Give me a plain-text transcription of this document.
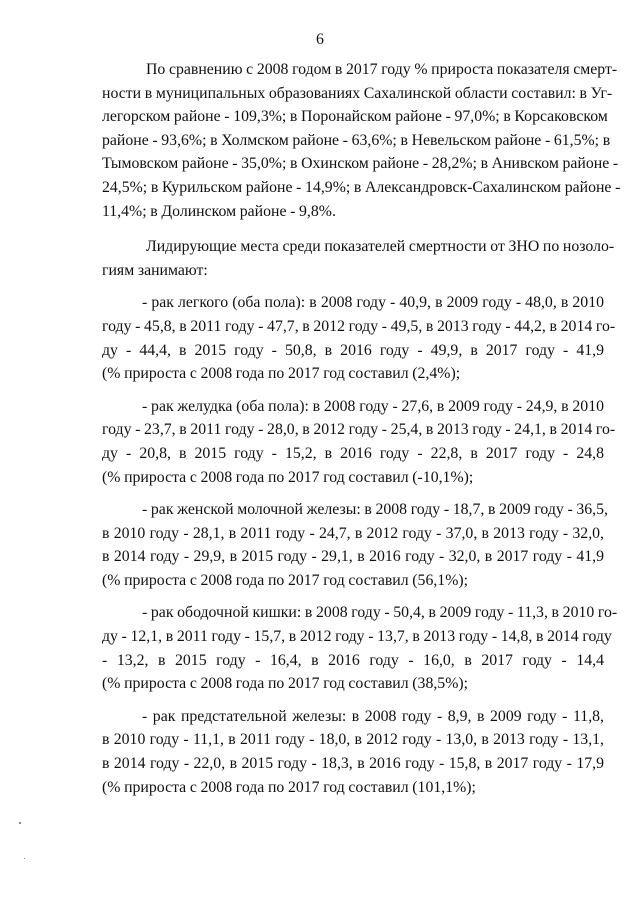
6
По сравнению с 2008 годом в 2017 году % прироста показателя смерт-
ности в муниципальных образованиях Сахалинской области составил: в Уг-
легорском районе - 109,3%; в Поронайском районе - 97,0%; в Корсаковском
районе - 93,6%; в Холмском районе - 63,6%; в Невельском районе - 61,5%; в
Тымовском районе - 35,0%; в Охинском районе - 28,2%; в Анивском районе -
24,5%; в Курильском районе - 14,9%; в Александровск-Сахалинском районе -
11,4%; в Долинском районе - 9,8%.
Лидирующие места среди показателей смертности от ЗНО по нозоло-
гиям занимают:
- рак легкого (оба пола): в 2008 году - 40,9, в 2009 году - 48,0, в 2010
году - 45,8, в 2011 году - 47,7, в 2012 году - 49,5, в 2013 году - 44,2, в 2014 го-
ду - 44,4, в 2015 году - 50,8, в 2016 году - 49,9, в 2017 году - 41,9
(% прироста с 2008 года по 2017 год составил (2,4%);
- рак желудка (оба пола): в 2008 году - 27,6, в 2009 году - 24,9, в 2010
году - 23,7, в 2011 году - 28,0, в 2012 году - 25,4, в 2013 году - 24,1, в 2014 го-
ду - 20,8, в 2015 году - 15,2, в 2016 году - 22,8, в 2017 году - 24,8
(% прироста с 2008 года по 2017 год составил (-10,1%);
- рак женской молочной железы: в 2008 году - 18,7, в 2009 году - 36,5,
в 2010 году - 28,1, в 2011 году - 24,7, в 2012 году - 37,0, в 2013 году - 32,0,
в 2014 году - 29,9, в 2015 году - 29,1, в 2016 году - 32,0, в 2017 году - 41,9
(% прироста с 2008 года по 2017 год составил (56,1%);
- рак ободочной кишки: в 2008 году - 50,4, в 2009 году - 11,3, в 2010 го-
ду - 12,1, в 2011 году - 15,7, в 2012 году - 13,7, в 2013 году - 14,8, в 2014 году
- 13,2, в 2015 году - 16,4, в 2016 году - 16,0, в 2017 году - 14,4
(% прироста с 2008 года по 2017 год составил (38,5%);
- рак предстательной железы: в 2008 году - 8,9, в 2009 году - 11,8,
в 2010 году - 11,1, в 2011 году - 18,0, в 2012 году - 13,0, в 2013 году - 13,1,
в 2014 году - 22,0, в 2015 году - 18,3, в 2016 году - 15,8, в 2017 году - 17,9
(% прироста с 2008 года по 2017 год составил (101,1%);
